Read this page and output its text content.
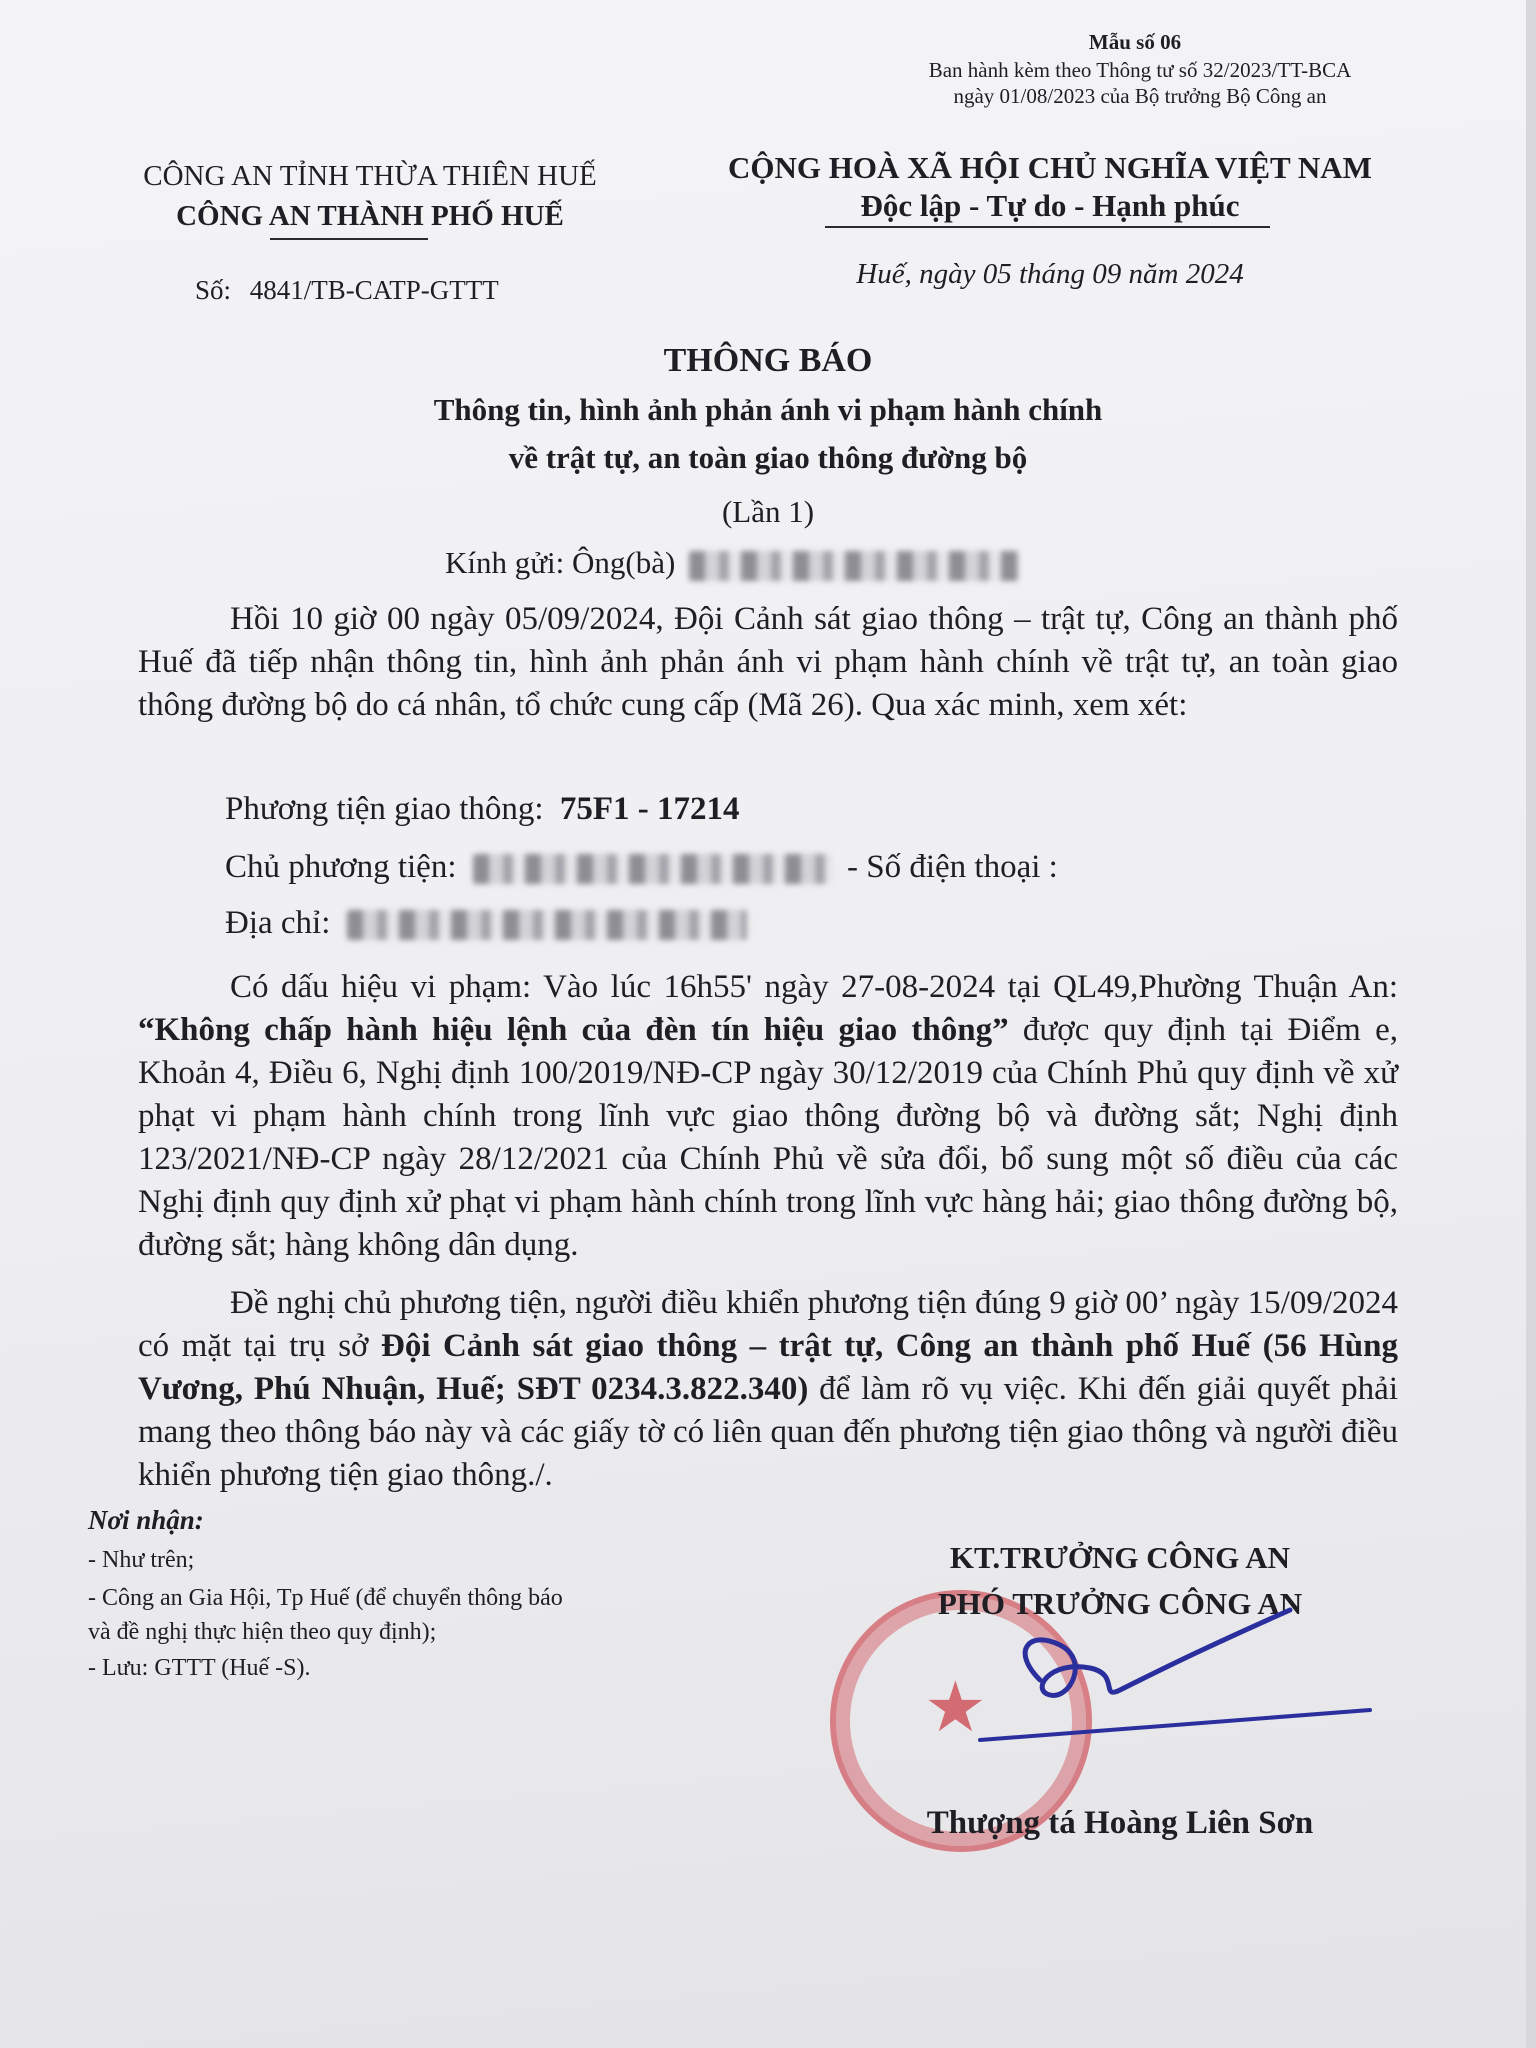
Mẫu số 06
Ban hành kèm theo Thông tư số 32/2023/TT-BCA
ngày 01/08/2023 của Bộ trưởng Bộ Công an
CÔNG AN TỈNH THỪA THIÊN HUẾ
CÔNG AN THÀNH PHỐ HUẾ
Số: 4841/TB-CATP-GTTT
CỘNG HOÀ XÃ HỘI CHỦ NGHĨA VIỆT NAM
Độc lập - Tự do - Hạnh phúc
Huế, ngày 05 tháng 09 năm 2024
THÔNG BÁO
Thông tin, hình ảnh phản ánh vi phạm hành chính
về trật tự, an toàn giao thông đường bộ
(Lần 1)
Kính gửi: Ông(bà)
Hồi 10 giờ 00 ngày 05/09/2024, Đội Cảnh sát giao thông – trật tự, Công an thành phố Huế đã tiếp nhận thông tin, hình ảnh phản ánh vi phạm hành chính về trật tự, an toàn giao thông đường bộ do cá nhân, tổ chức cung cấp (Mã 26). Qua xác minh, xem xét:
Phương tiện giao thông: 75F1 - 17214
Chủ phương tiện:	- Số điện thoại :
Địa chỉ:
Có dấu hiệu vi phạm: Vào lúc 16h55' ngày 27-08-2024 tại QL49,Phường Thuận An: “Không chấp hành hiệu lệnh của đèn tín hiệu giao thông” được quy định tại Điểm e, Khoản 4, Điều 6, Nghị định 100/2019/NĐ-CP ngày 30/12/2019 của Chính Phủ quy định về xử phạt vi phạm hành chính trong lĩnh vực giao thông đường bộ và đường sắt; Nghị định 123/2021/NĐ-CP ngày 28/12/2021 của Chính Phủ về sửa đổi, bổ sung một số điều của các Nghị định quy định xử phạt vi phạm hành chính trong lĩnh vực hàng hải; giao thông đường bộ, đường sắt; hàng không dân dụng.
Đề nghị chủ phương tiện, người điều khiển phương tiện đúng 9 giờ 00’ ngày 15/09/2024 có mặt tại trụ sở Đội Cảnh sát giao thông – trật tự, Công an thành phố Huế (56 Hùng Vương, Phú Nhuận, Huế; SĐT 0234.3.822.340) để làm rõ vụ việc. Khi đến giải quyết phải mang theo thông báo này và các giấy tờ có liên quan đến phương tiện giao thông và người điều khiển phương tiện giao thông./.
Nơi nhận:
- Như trên;
- Công an Gia Hội, Tp Huế (để chuyển thông báo
và đề nghị thực hiện theo quy định);
- Lưu: GTTT (Huế -S).	★
KT.TRƯỞNG CÔNG AN
PHÓ TRƯỞNG CÔNG AN
Thượng tá Hoàng Liên Sơn
